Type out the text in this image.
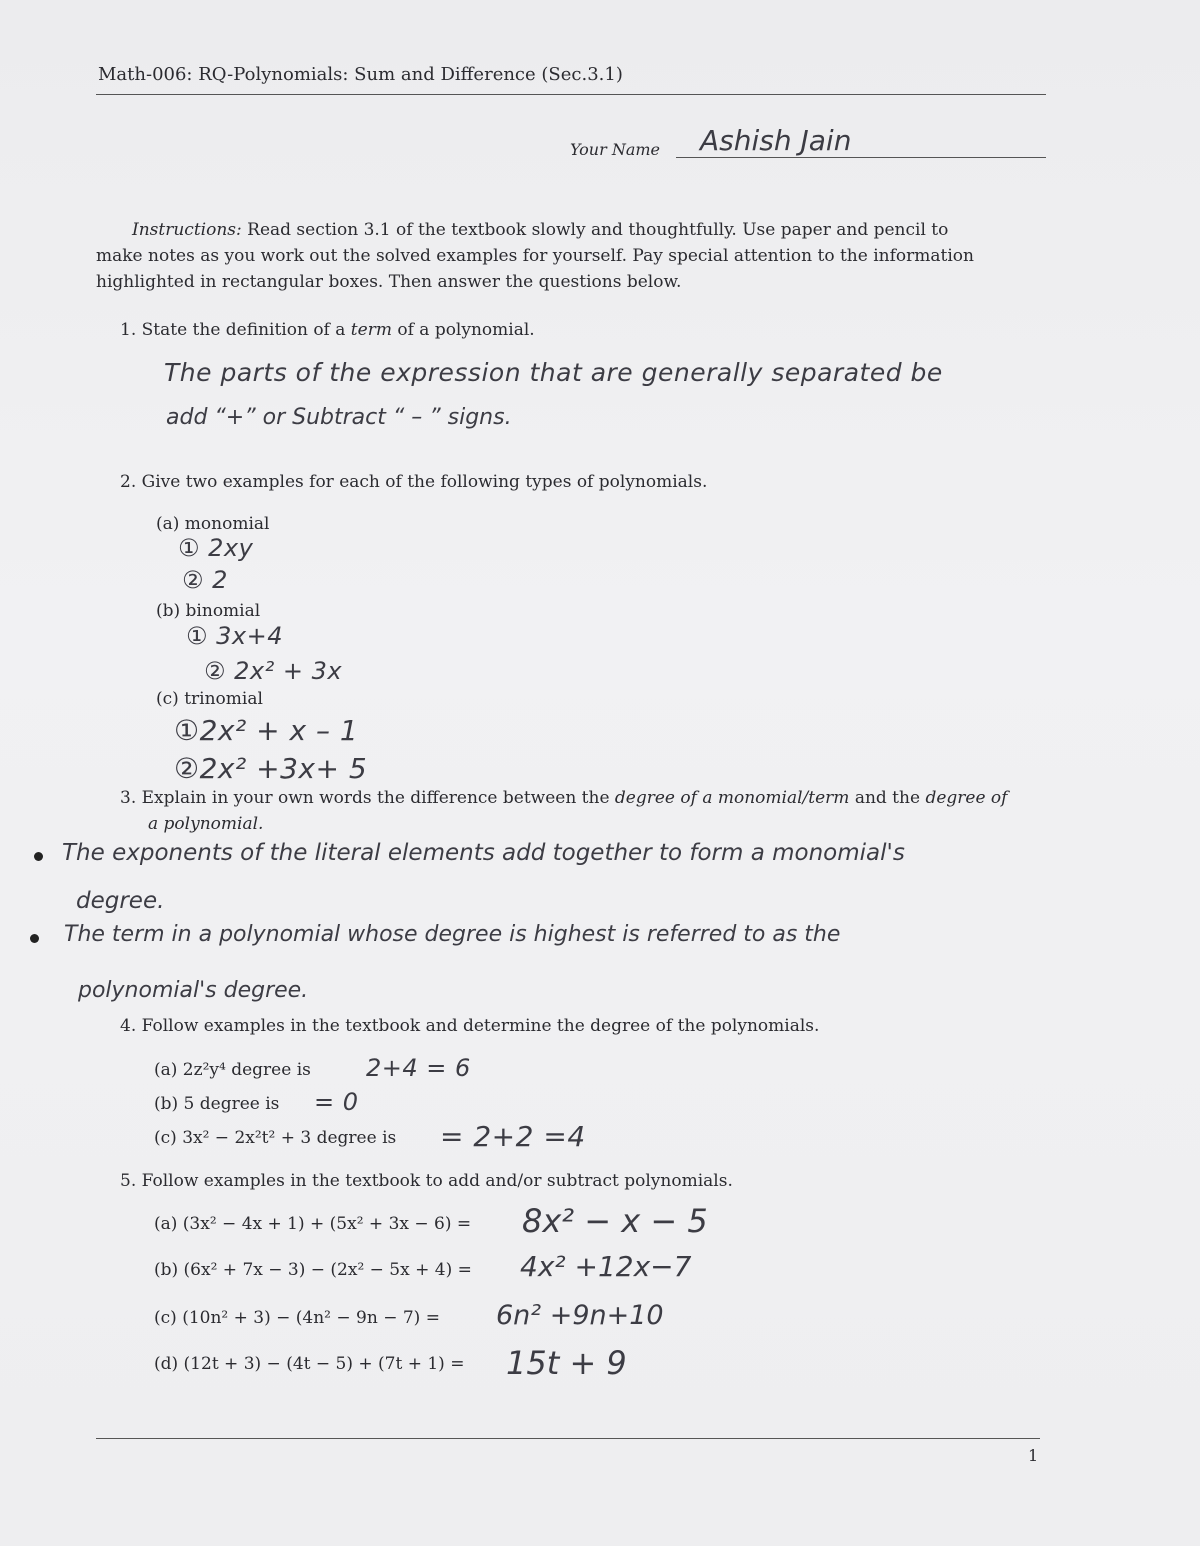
Math-006: RQ-Polynomials: Sum and Difference (Sec.3.1)
Your Name Ashish Jain
Instructions: Read section 3.1 of the textbook slowly and thoughtfully. Use paper and pencil to
make notes as you work out the solved examples for yourself. Pay special attention to the information
highlighted in rectangular boxes. Then answer the questions below.
1. State the definition of a term of a polynomial.
The parts of the expression that are generally separated be
add “+” or Subtract “ – ” signs.
2. Give two examples for each of the following types of polynomials.
(a) monomial
① 2xy
② 2
(b) binomial
① 3x+4
② 2x² + 3x
(c) trinomial
①2x² + x – 1
②2x² +3x+ 5
3. Explain in your own words the difference between the degree of a monomial/term and the degree of
a polynomial.
The exponents of the literal elements add together to form a monomial's
degree.
The term in a polynomial whose degree is highest is referred to as the
polynomial's degree.
4. Follow examples in the textbook and determine the degree of the polynomials.
(a) 2z²y⁴ degree is 2+4 = 6
(b) 5 degree is = 0
(c) 3x² − 2x²t² + 3 degree is = 2+2 =4
5. Follow examples in the textbook to add and/or subtract polynomials.
(a) (3x² − 4x + 1) + (5x² + 3x − 6) = 8x² − x − 5
(b) (6x² + 7x − 3) − (2x² − 5x + 4) = 4x² +12x−7
(c) (10n² + 3) − (4n² − 9n − 7) = 6n² +9n+10
(d) (12t + 3) − (4t − 5) + (7t + 1) = 15t + 9
1
